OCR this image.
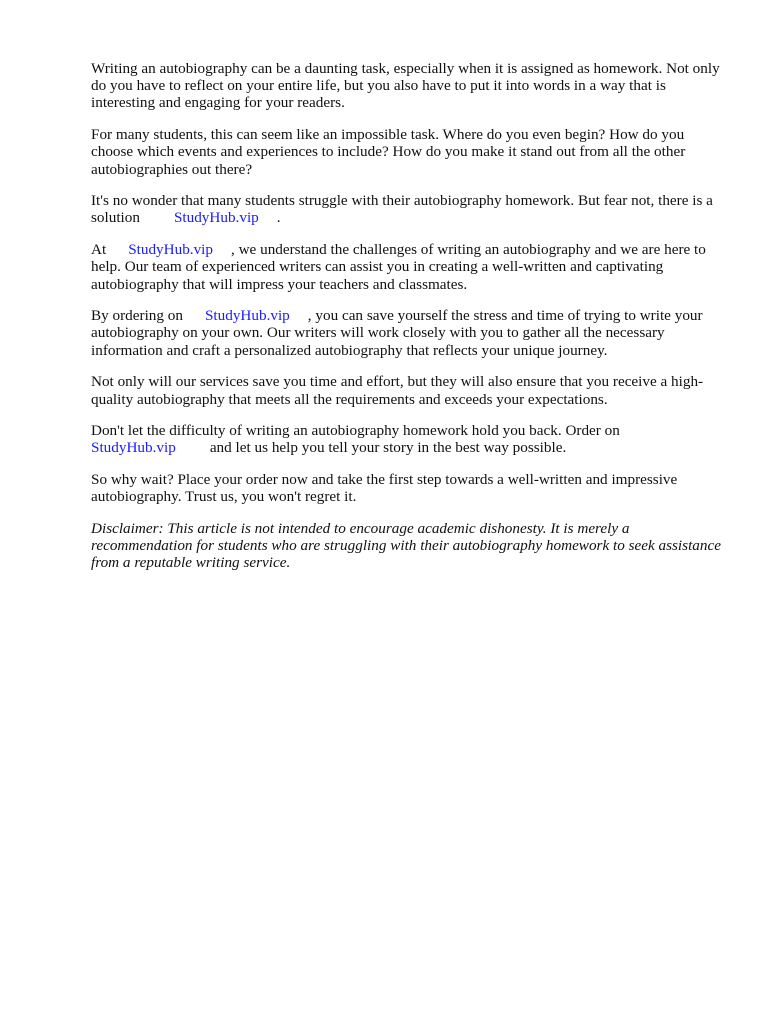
Writing an autobiography can be a daunting task, especially when it is assigned as homework. Not only do you have to reflect on your entire life, but you also have to put it into words in a way that is interesting and engaging for your readers.

For many students, this can seem like an impossible task. Where do you even begin? How do you choose which events and experiences to include? How do you make it stand out from all the other autobiographies out there?

It's no wonder that many students struggle with their autobiography homework. But fear not, there is a solution StudyHub.vip .

At StudyHub.vip , we understand the challenges of writing an autobiography and we are here to help. Our team of experienced writers can assist you in creating a well-written and captivating autobiography that will impress your teachers and classmates.

By ordering on StudyHub.vip , you can save yourself the stress and time of trying to write your autobiography on your own. Our writers will work closely with you to gather all the necessary information and craft a personalized autobiography that reflects your unique journey.

Not only will our services save you time and effort, but they will also ensure that you receive a high-quality autobiography that meets all the requirements and exceeds your expectations.

Don't let the difficulty of writing an autobiography homework hold you back. Order on
StudyHub.vip and let us help you tell your story in the best way possible.

So why wait? Place your order now and take the first step towards a well-written and impressive autobiography. Trust us, you won't regret it.

Disclaimer: This article is not intended to encourage academic dishonesty. It is merely a recommendation for students who are struggling with their autobiography homework to seek assistance from a reputable writing service.
